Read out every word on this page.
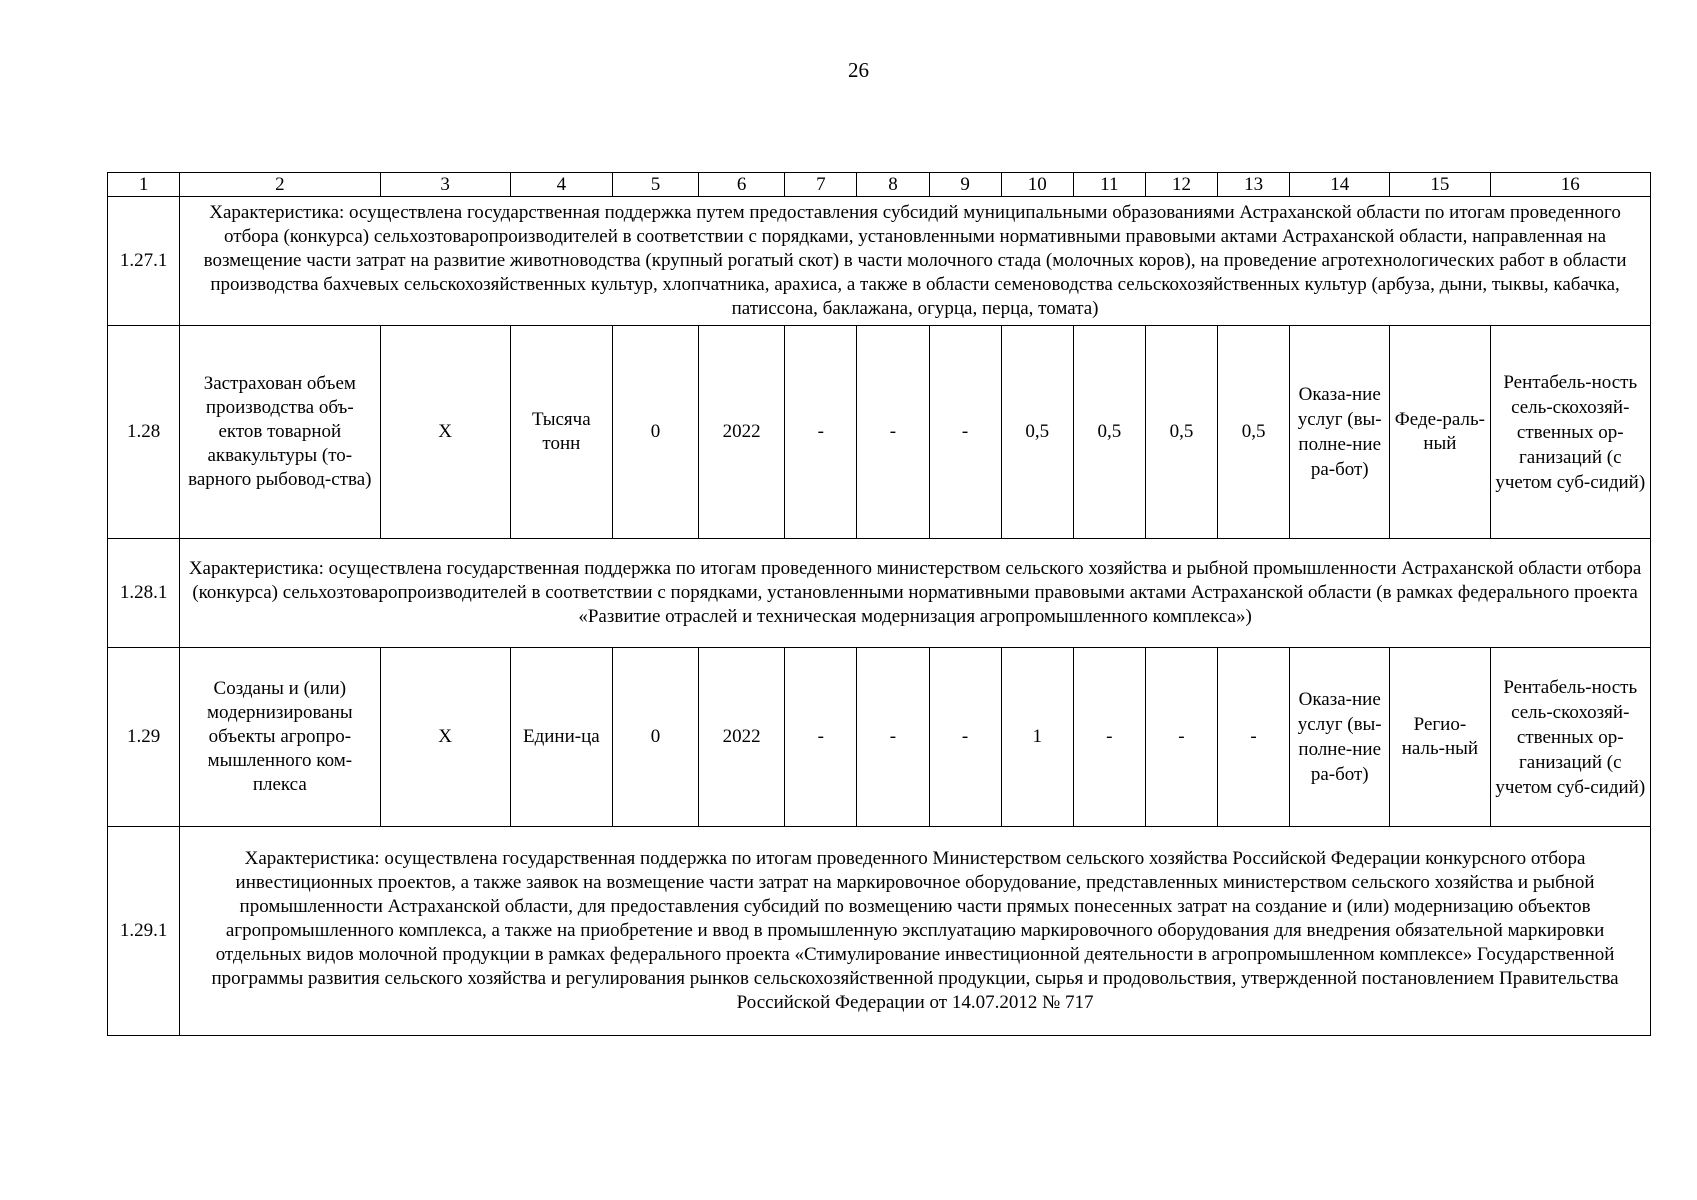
26
1	2	3	4	5	6	7	8	9	10	11	12	13	14	15	16
1.27.1	Характеристика: осуществлена государственная поддержка путем предоставления субсидий муниципальными образованиями Астраханской области по итогам проведенного отбора (конкурса) сельхозтоваропроизводителей в соответствии с порядками, установленными нормативными правовыми актами Астраханской области, направленная на возмещение части затрат на развитие животноводства (крупный рогатый скот) в части молочного стада (молочных коров), на проведение агротехнологических работ в области производства бахчевых сельскохозяйственных культур, хлопчатника, арахиса, а также в области семеноводства сельскохозяйственных культур (арбуза, дыни, тыквы, кабачка, патиссона, баклажана, огурца, перца, томата)														
1.28	Застрахован объем производства объ-ектов товарной аквакультуры (то-варного рыбовод-ства)	Х	Тысяча тонн	0	2022	-	-	-	0,5	0,5	0,5	0,5	Оказа-ние услуг (вы-полне-ние ра-бот)	Феде-раль-ный	Рентабель-ность сель-скохозяй-ственных ор-ганизаций (с учетом суб-сидий)
1.28.1	Характеристика: осуществлена государственная поддержка по итогам проведенного министерством сельского хозяйства и рыбной промышленности Астраханской области отбора (конкурса) сельхозтоваропроизводителей в соответствии с порядками, установленными нормативными правовыми актами Астраханской области (в рамках федерального проекта «Развитие отраслей и техническая модернизация агропромышленного комплекса»)														
1.29	Созданы и (или) модернизированы объекты агропро-мышленного ком-плекса	Х	Едини-ца	0	2022	-	-	-	1	-	-	-	Оказа-ние услуг (вы-полне-ние ра-бот)	Регио-наль-ный	Рентабель-ность сель-скохозяй-ственных ор-ганизаций (с учетом суб-сидий)
1.29.1	Характеристика: осуществлена государственная поддержка по итогам проведенного Министерством сельского хозяйства Российской Федерации конкурсного отбора инвестиционных проектов, а также заявок на возмещение части затрат на маркировочное оборудование, представленных министерством сельского хозяйства и рыбной промышленности Астраханской области, для предоставления субсидий по возмещению части прямых понесенных затрат на создание и (или) модернизацию объектов агропромышленного комплекса, а также на приобретение и ввод в промышленную эксплуатацию маркировочного оборудования для внедрения обязательной маркировки отдельных видов молочной продукции в рамках федерального проекта «Стимулирование инвестиционной деятельности в агропромышленном комплексе» Государственной программы развития сельского хозяйства и регулирования рынков сельскохозяйственной продукции, сырья и продовольствия, утвержденной постановлением Правительства Российской Федерации от 14.07.2012 № 717														
